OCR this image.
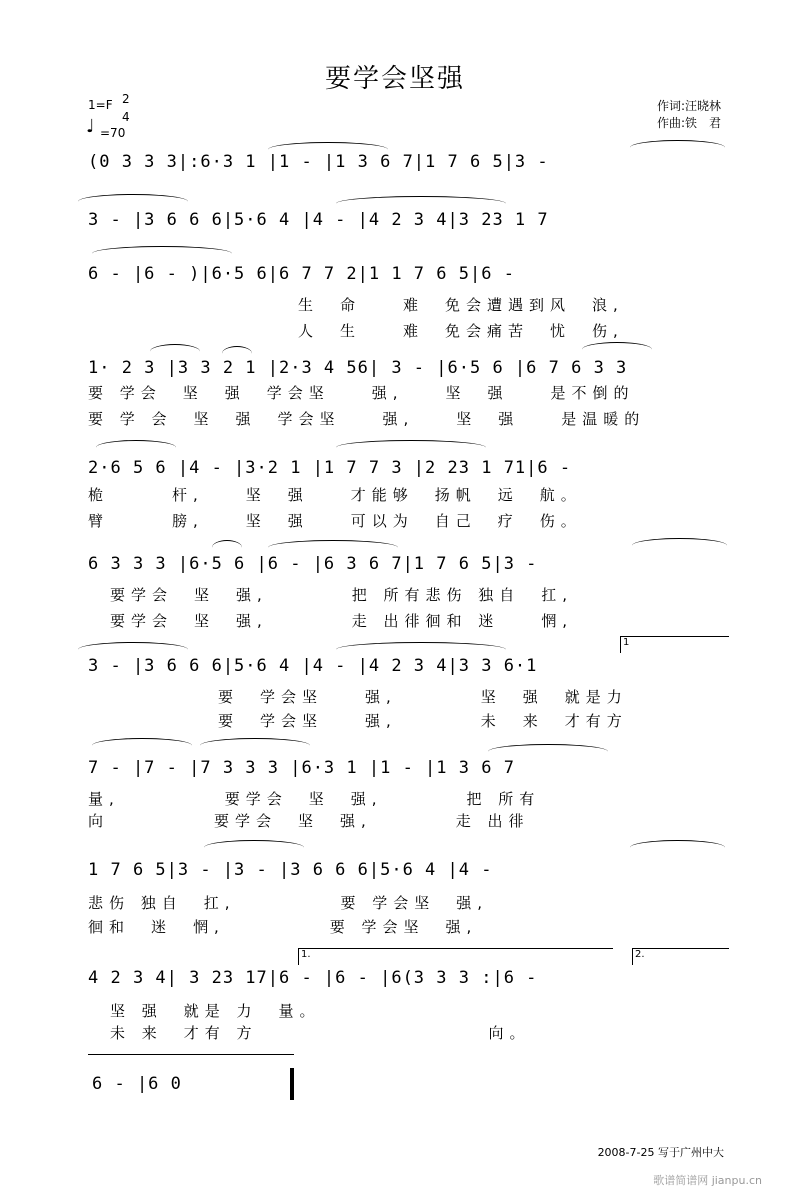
要学会坚强
1=F 2
4
♩ =70
作词:汪晓林
作曲:铁　君
(0 3 3 3|:6·3 1 |1 - |1 3 6 7|1 7 6 5|3 -
3 - |3 6 6 6|5·6 4 |4 - |4 2 3 4|3 23 1 7
6 - |6 - )|6·5 6|6 7 7 2|1 1 7 6 5|6 -
生　命　　难　免会遭遇到风　浪,
人　生　　难　免会痛苦　忧　伤,
1· 2 3 |3 3 2 1 |2·3 4 56| 3 - |6·5 6 |6 7 6 3 3
要 学会　坚　强　学会坚　　强,　　坚　强　　是不倒的
要 学 会　坚　强　学会坚　　强,　　坚　强　　是温暖的
2·6 5 6 |4 - |3·2 1 |1 7 7 3 |2 23 1 71|6 -
桅　　　杆,　　坚　强　　才能够　扬帆　远　航。
臂　　　膀,　　坚　强　　可以为　自己　疗　伤。
6 3 3 3 |6·5 6 |6 - |6 3 6 7|1 7 6 5|3 -
要学会　坚　强,　　　　把 所有悲伤 独自　扛,
要学会　坚　强,　　　　走 出徘徊和 迷　　惘,
3 - |3 6 6 6|5·6 4 |4 - |4 2 3 4|3 3 6·1
1
要　学会坚　　强,　　　　坚　强　就是力
要　学会坚　　强,　　　　未　来　才有方
7 - |7 - |7 3 3 3 |6·3 1 |1 - |1 3 6 7
量,　　　　　要学会　坚　强,　　　　把 所有
向　　　　　要学会　坚　强,　　　　走 出徘
1 7 6 5|3 - |3 - |3 6 6 6|5·6 4 |4 -
悲伤 独自　扛,　　　　　要 学会坚　强,
徊和　迷　惘,　　　　　要 学会坚　强,
4 2 3 4| 3 23 17|6 - |6 - |6(3 3 3 :|6 -
1.	2.
坚 强　就是 力　量。
未 来　才有 方　　　　　　　　　　　向。
6 - |6 0
2008-7-25 写于广州中大
歌谱简谱网 jianpu.cn
